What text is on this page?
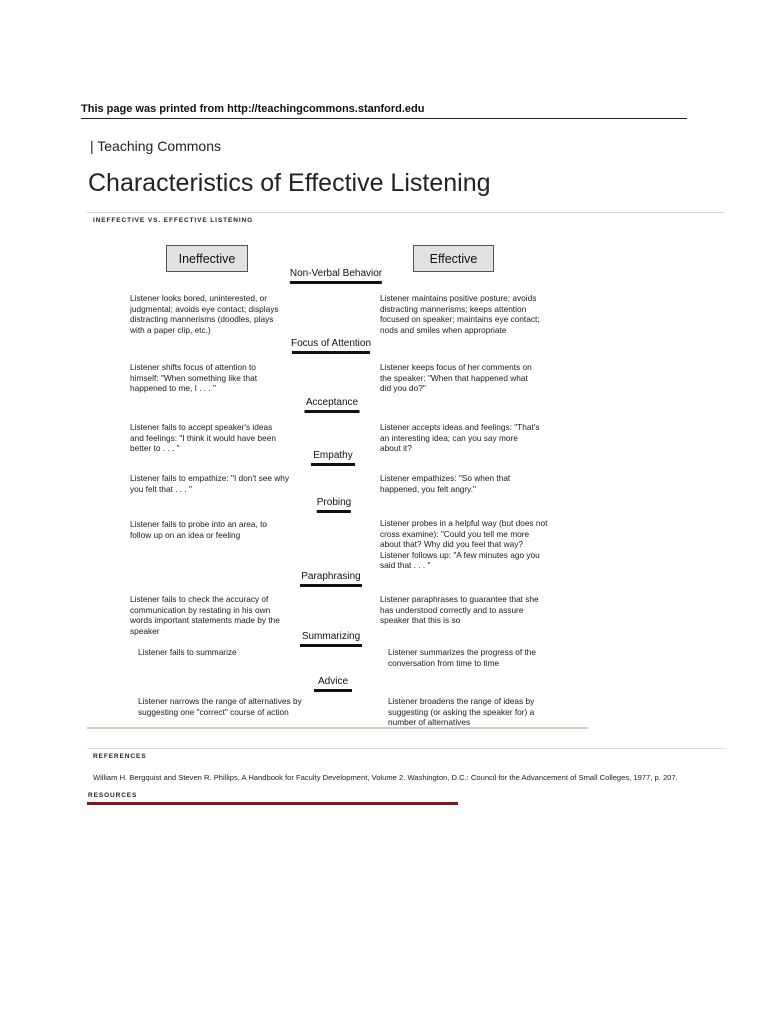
This page was printed from http://teachingcommons.stanford.edu
| Teaching Commons
Characteristics of Effective Listening
INEFFECTIVE VS. EFFECTIVE LISTENING
Ineffective	Effective
Non-Verbal Behavior
Listener looks bored, uninterested, or judgmental; avoids eye contact; displays distracting mannerisms (doodles, plays with a paper clip, etc.)
Listener maintains positive posture; avoids distracting mannerisms; keeps attention focused on speaker; maintains eye contact; nods and smiles when appropriate
Focus of Attention
Listener shifts focus of attention to himself: "When something like that happened to me, I . . . "
Listener keeps focus of her comments on the speaker: "When that happened what did you do?"
Acceptance
Listener fails to accept speaker's ideas and feelings: "I think it would have been better to . . . "
Listener accepts ideas and feelings: "That's an interesting idea; can you say more about it?
Empathy
Listener fails to empathize: "I don't see why you felt that . . . "
Listener empathizes: "So when that happened, you felt angry."
Probing
Listener fails to probe into an area, to follow up on an idea or feeling
Listener probes in a helpful way (but does not cross examine): "Could you tell me more about that? Why did you feel that way? Listener follows up: "A few minutes ago you said that . . . "
Paraphrasing
Listener fails to check the accuracy of communication by restating in his own words important statements made by the speaker
Listener paraphrases to guarantee that she has understood correctly and to assure speaker that this is so
Summarizing
Listener fails to summarize	Listener summarizes the progress of the conversation from time to time
Advice
Listener narrows the range of alternatives by suggesting one "correct" course of action
Listener broadens the range of ideas by suggesting (or asking the speaker for) a number of alternatives
REFERENCES
William H. Bergquist and Steven R. Phillips, A Handbook for Faculty Development, Volume 2. Washington, D.C.: Council for the Advancement of Small Colleges, 1977, p. 207.
RESOURCES
